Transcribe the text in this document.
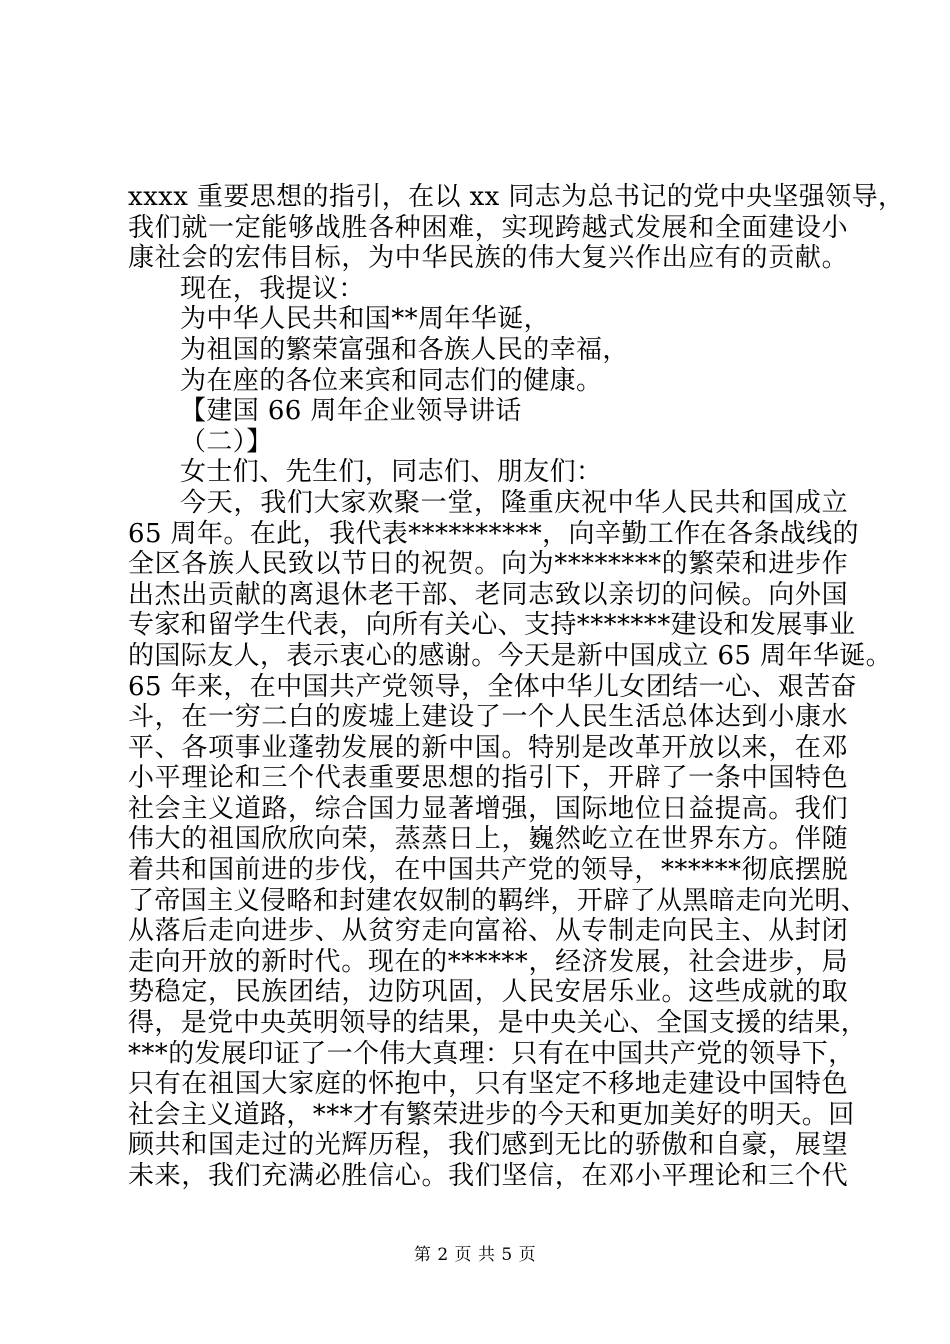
xxxx 重要思想的指引，在以 xx 同志为总书记的党中央坚强领导，
我们就一定能够战胜各种困难，实现跨越式发展和全面建设小
康社会的宏伟目标，为中华民族的伟大复兴作出应有的贡献。
现在，我提议：
为中华人民共和国**周年华诞，
为祖国的繁荣富强和各族人民的幸福，
为在座的各位来宾和同志们的健康。
【建国 66 周年企业领导讲话
（二）】
女士们、先生们，同志们、朋友们：
今天，我们大家欢聚一堂，隆重庆祝中华人民共和国成立
65 周年。在此，我代表**********，向辛勤工作在各条战线的
全区各族人民致以节日的祝贺。向为********的繁荣和进步作
出杰出贡献的离退休老干部、老同志致以亲切的问候。向外国
专家和留学生代表，向所有关心、支持*******建设和发展事业
的国际友人，表示衷心的感谢。今天是新中国成立 65 周年华诞。
65 年来，在中国共产党领导，全体中华儿女团结一心、艰苦奋
斗，在一穷二白的废墟上建设了一个人民生活总体达到小康水
平、各项事业蓬勃发展的新中国。特别是改革开放以来，在邓
小平理论和三个代表重要思想的指引下，开辟了一条中国特色
社会主义道路，综合国力显著增强，国际地位日益提高。我们
伟大的祖国欣欣向荣，蒸蒸日上，巍然屹立在世界东方。伴随
着共和国前进的步伐，在中国共产党的领导，******彻底摆脱
了帝国主义侵略和封建农奴制的羁绊，开辟了从黑暗走向光明、
从落后走向进步、从贫穷走向富裕、从专制走向民主、从封闭
走向开放的新时代。现在的******，经济发展，社会进步，局
势稳定，民族团结，边防巩固，人民安居乐业。这些成就的取
得，是党中央英明领导的结果，是中央关心、全国支援的结果，
***的发展印证了一个伟大真理：只有在中国共产党的领导下，
只有在祖国大家庭的怀抱中，只有坚定不移地走建设中国特色
社会主义道路，***才有繁荣进步的今天和更加美好的明天。回
顾共和国走过的光辉历程，我们感到无比的骄傲和自豪，展望
未来，我们充满必胜信心。我们坚信，在邓小平理论和三个代
第 2 页 共 5 页
